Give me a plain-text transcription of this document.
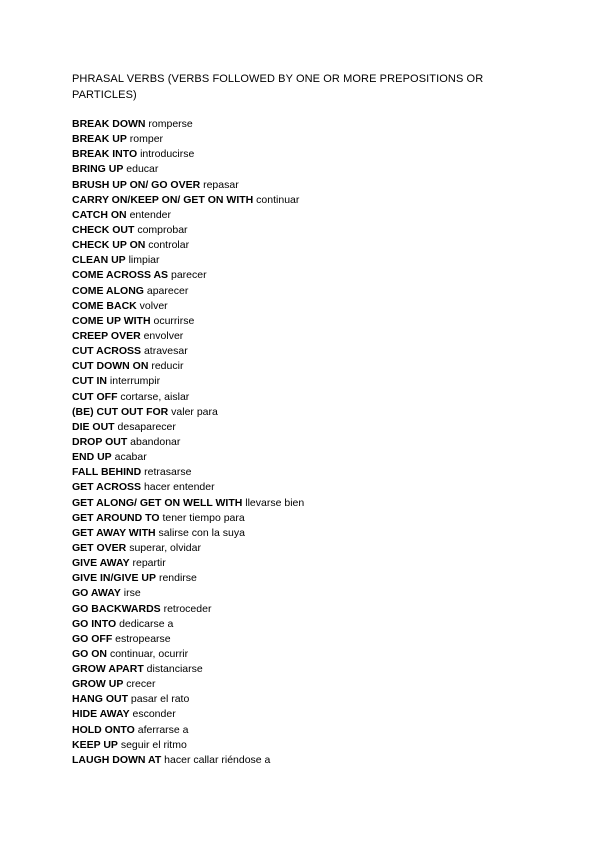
PHRASAL VERBS (VERBS FOLLOWED BY ONE OR MORE PREPOSITIONS OR PARTICLES)
BREAK DOWN romperse
BREAK UP romper
BREAK INTO introducirse
BRING UP educar
BRUSH UP ON/ GO OVER repasar
CARRY ON/KEEP ON/ GET ON WITH continuar
CATCH ON entender
CHECK OUT comprobar
CHECK UP ON controlar
CLEAN UP limpiar
COME ACROSS AS parecer
COME ALONG aparecer
COME BACK volver
COME UP WITH ocurrirse
CREEP OVER envolver
CUT ACROSS atravesar
CUT DOWN ON reducir
CUT IN interrumpir
CUT OFF cortarse, aislar
(BE) CUT OUT FOR valer para
DIE OUT desaparecer
DROP OUT abandonar
END UP acabar
FALL BEHIND retrasarse
GET ACROSS hacer entender
GET ALONG/ GET ON WELL WITH llevarse bien
GET AROUND TO tener tiempo para
GET AWAY WITH salirse con la suya
GET OVER superar, olvidar
GIVE AWAY repartir
GIVE IN/GIVE UP rendirse
GO AWAY irse
GO BACKWARDS retroceder
GO INTO dedicarse a
GO OFF estropearse
GO ON continuar, ocurrir
GROW APART distanciarse
GROW UP crecer
HANG OUT pasar el rato
HIDE AWAY esconder
HOLD ONTO aferrarse a
KEEP UP seguir el ritmo
LAUGH DOWN AT hacer callar riéndose a
